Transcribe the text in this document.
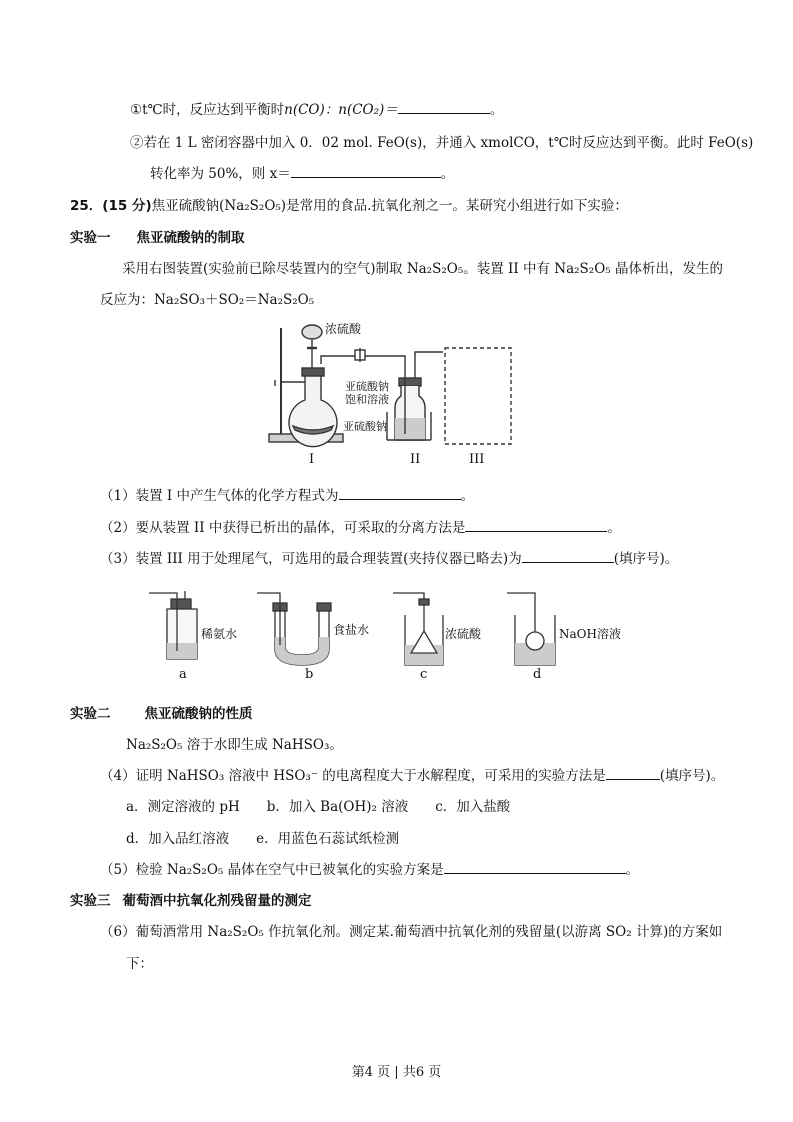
①t℃时，反应达到平衡时n(CO)：n(CO₂)＝	。
②若在 1 L 密闭容器中加入 0．02 mol. FeO(s)，并通入 xmolCO，t℃时反应达到平衡。此时 FeO(s)
转化率为 50%，则 x＝	。
25．(15 分)焦亚硫酸钠(Na₂S₂O₅)是常用的食品.抗氧化剂之一。某研究小组进行如下实验：
实验一 焦亚硫酸钠的制取
采用右图装置(实验前已除尽装置内的空气)制取 Na₂S₂O₅。装置 II 中有 Na₂S₂O₅ 晶体析出，发生的
反应为：Na₂SO₃＋SO₂＝Na₂S₂O₅
浓硫酸
亚硫酸钠饱和溶液
亚硫酸钠
I	II	III
（1）装置 I 中产生气体的化学方程式为	。
（2）要从装置 II 中获得已析出的晶体，可采取的分离方法是	。
（3）装置 III 用于处理尾气，可选用的最合理装置(夹持仪器已略去)为	(填序号)。
稀氨水	食盐水	浓硫酸	NaOH溶液
a	b	c	d
实验二	焦亚硫酸钠的性质
Na₂S₂O₅ 溶于水即生成 NaHSO₃。
（4）证明 NaHSO₃ 溶液中 HSO₃⁻ 的电离程度大于水解程度，可采用的实验方法是	(填序号)。
a．测定溶液的 pH　　b．加入 Ba(OH)₂ 溶液　　c．加入盐酸
d．加入品红溶液　　e．用蓝色石蕊试纸检测
（5）检验 Na₂S₂O₅ 晶体在空气中已被氧化的实验方案是	。
实验三 葡萄酒中抗氧化剂残留量的测定
（6）葡萄酒常用 Na₂S₂O₅ 作抗氧化剂。测定某.葡萄酒中抗氧化剂的残留量(以游离 SO₂ 计算)的方案如
下：
第4 页 | 共6 页
